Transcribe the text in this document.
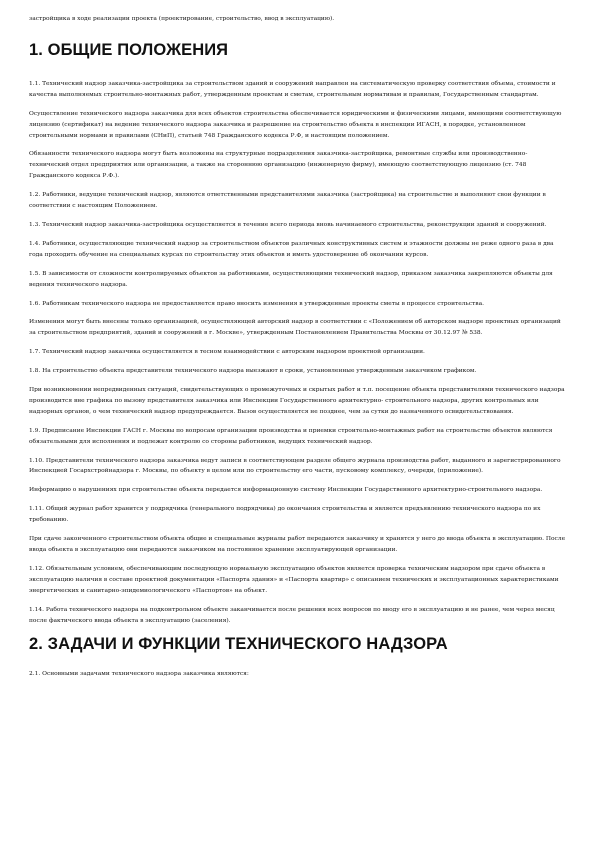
застройщика в ходе реализации проекта (проектирование, строительство, ввод в эксплуатацию).

1. ОБЩИЕ ПОЛОЖЕНИЯ

1.1. Технический надзор заказчика-застройщика за строительством зданий и сооружений направлен на систематическую проверку соответствия объема, стоимости и качества выполняемых строительно-монтажных работ, утвержденным проектам и сметам, строительным нормативам и правилам, Государственным стандартам.

Осуществление технического надзора заказчика для всех объектов строительства обеспечивается юридическими и физическими лицами, имеющими соответствующую лицензию (сертификат) на ведение технического надзора заказчика и разрешение на строительство объекта в инспекции ИГАСН, в порядке, установленном строительными нормами и правилами (СНиП), статьей 748 Гражданского кодекса Р.Ф, и настоящим положением.

Обязанности технического надзора могут быть возложены на структурные подразделения заказчика-застройщика, ремонтные службы или производственно- технический отдел предприятия или организации, а также на стороннюю организацию (инженерную фирму), имеющую соответствующую лицензию (ст. 748 Гражданского кодекса Р.Ф.).

1.2. Работники, ведущие технический надзор, являются ответственными представителями заказчика (застройщика) на строительстве и выполняют свои функции в соответствии с настоящим Положением.

1.3. Технический надзор заказчика-застройщика осуществляется в течение всего периода вновь начинаемого строительства, реконструкции зданий и сооружений.

1.4. Работники, осуществляющие технический надзор за строительством объектов различных конструктивных систем и этажности должны не реже одного раза в два года проходить обучение на специальных курсах по строительству этих объектов и иметь удостоверение об окончании курсов.

1.5. В зависимости от сложности контролируемых объектов за работниками, осуществляющими технический надзор, приказом заказчика закрепляются объекты для ведения технического надзора.

1.6. Работникам технического надзора не предоставляется право вносить изменения в утвержденные проекты сметы в процессе строительства.

Изменения могут быть внесены только организацией, осуществляющей авторский надзор в соответствии с «Положением об авторском надзоре проектных организаций за строительством предприятий, зданий и сооружений в г. Москве», утвержденным Постановлением Правительства Москвы от 30.12.97 № 538.

1.7. Технический надзор заказчика осуществляется в тесном взаимодействии с авторским надзором проектной организации.

1.8. На строительство объекта представители технического надзора выезжают в сроки, установленные утвержденным заказчиком графиком.

При возникновении непредвиденных ситуаций, свидетельствующих о промежуточных и скрытых работ и т.п. посещение объекта представителями технического надзора производится вне графика по вызову представителя заказчика или Инспекции Государственного архитектурно- строительного надзора, других контрольных или надзорных органов, о чем технический надзор предупреждается. Вызов осуществляется не позднее, чем за сутки до назначенного освидетельствования.

1.9. Предписание Инспекции ГАСН г. Москвы по вопросам организации производства и приемки строительно-монтажных работ на строительстве объектов являются обязательными для исполнения и подлежат контролю со стороны работников, ведущих технический надзор.

1.10. Представители технического надзора заказчика ведут записи в соответствующем разделе общего журнала производства работ, выданного и зарегистрированного Инспекцией Госархстройнадзора г. Москвы, по объекту в целом или по строительству его части, пусковому комплексу, очереди, (приложение).

Информацию о нарушениях при строительстве объекта передается информационную систему Инспекции Государственного архитектурно-строительного надзора.

1.11. Общий журнал работ хранится у подрядчика (генерального подрядчика) до окончания строительства и является предъявлению технического надзора по их требованию.

При сдаче законченного строительством объекта общие и специальные журналы работ передаются заказчику и хранятся у него до ввода объекта в эксплуатацию. После ввода объекта в эксплуатацию они передаются заказчиком на постоянное хранение эксплуатирующей организации.

1.12. Обязательным условием, обеспечивающим последующую нормальную эксплуатацию объектов является проверка техническим надзором при сдаче объекта в эксплуатацию наличия в составе проектной документации «Паспорта здания» и «Паспорта квартир» с описанием технических и эксплуатационных характеристиками энергетических и санитарно-эпидемиологического «Паспортов» на объект.

1.14. Работа технического надзора на подконтрольном объекте заканчивается после решения всех вопросов по вводу его в эксплуатацию и не ранее, чем через месяц после фактического ввода объекта в эксплуатацию (заселения).

2. ЗАДАЧИ И ФУНКЦИИ ТЕХНИЧЕСКОГО НАДЗОРА

2.1. Основными задачами технического надзора заказчика являются:
